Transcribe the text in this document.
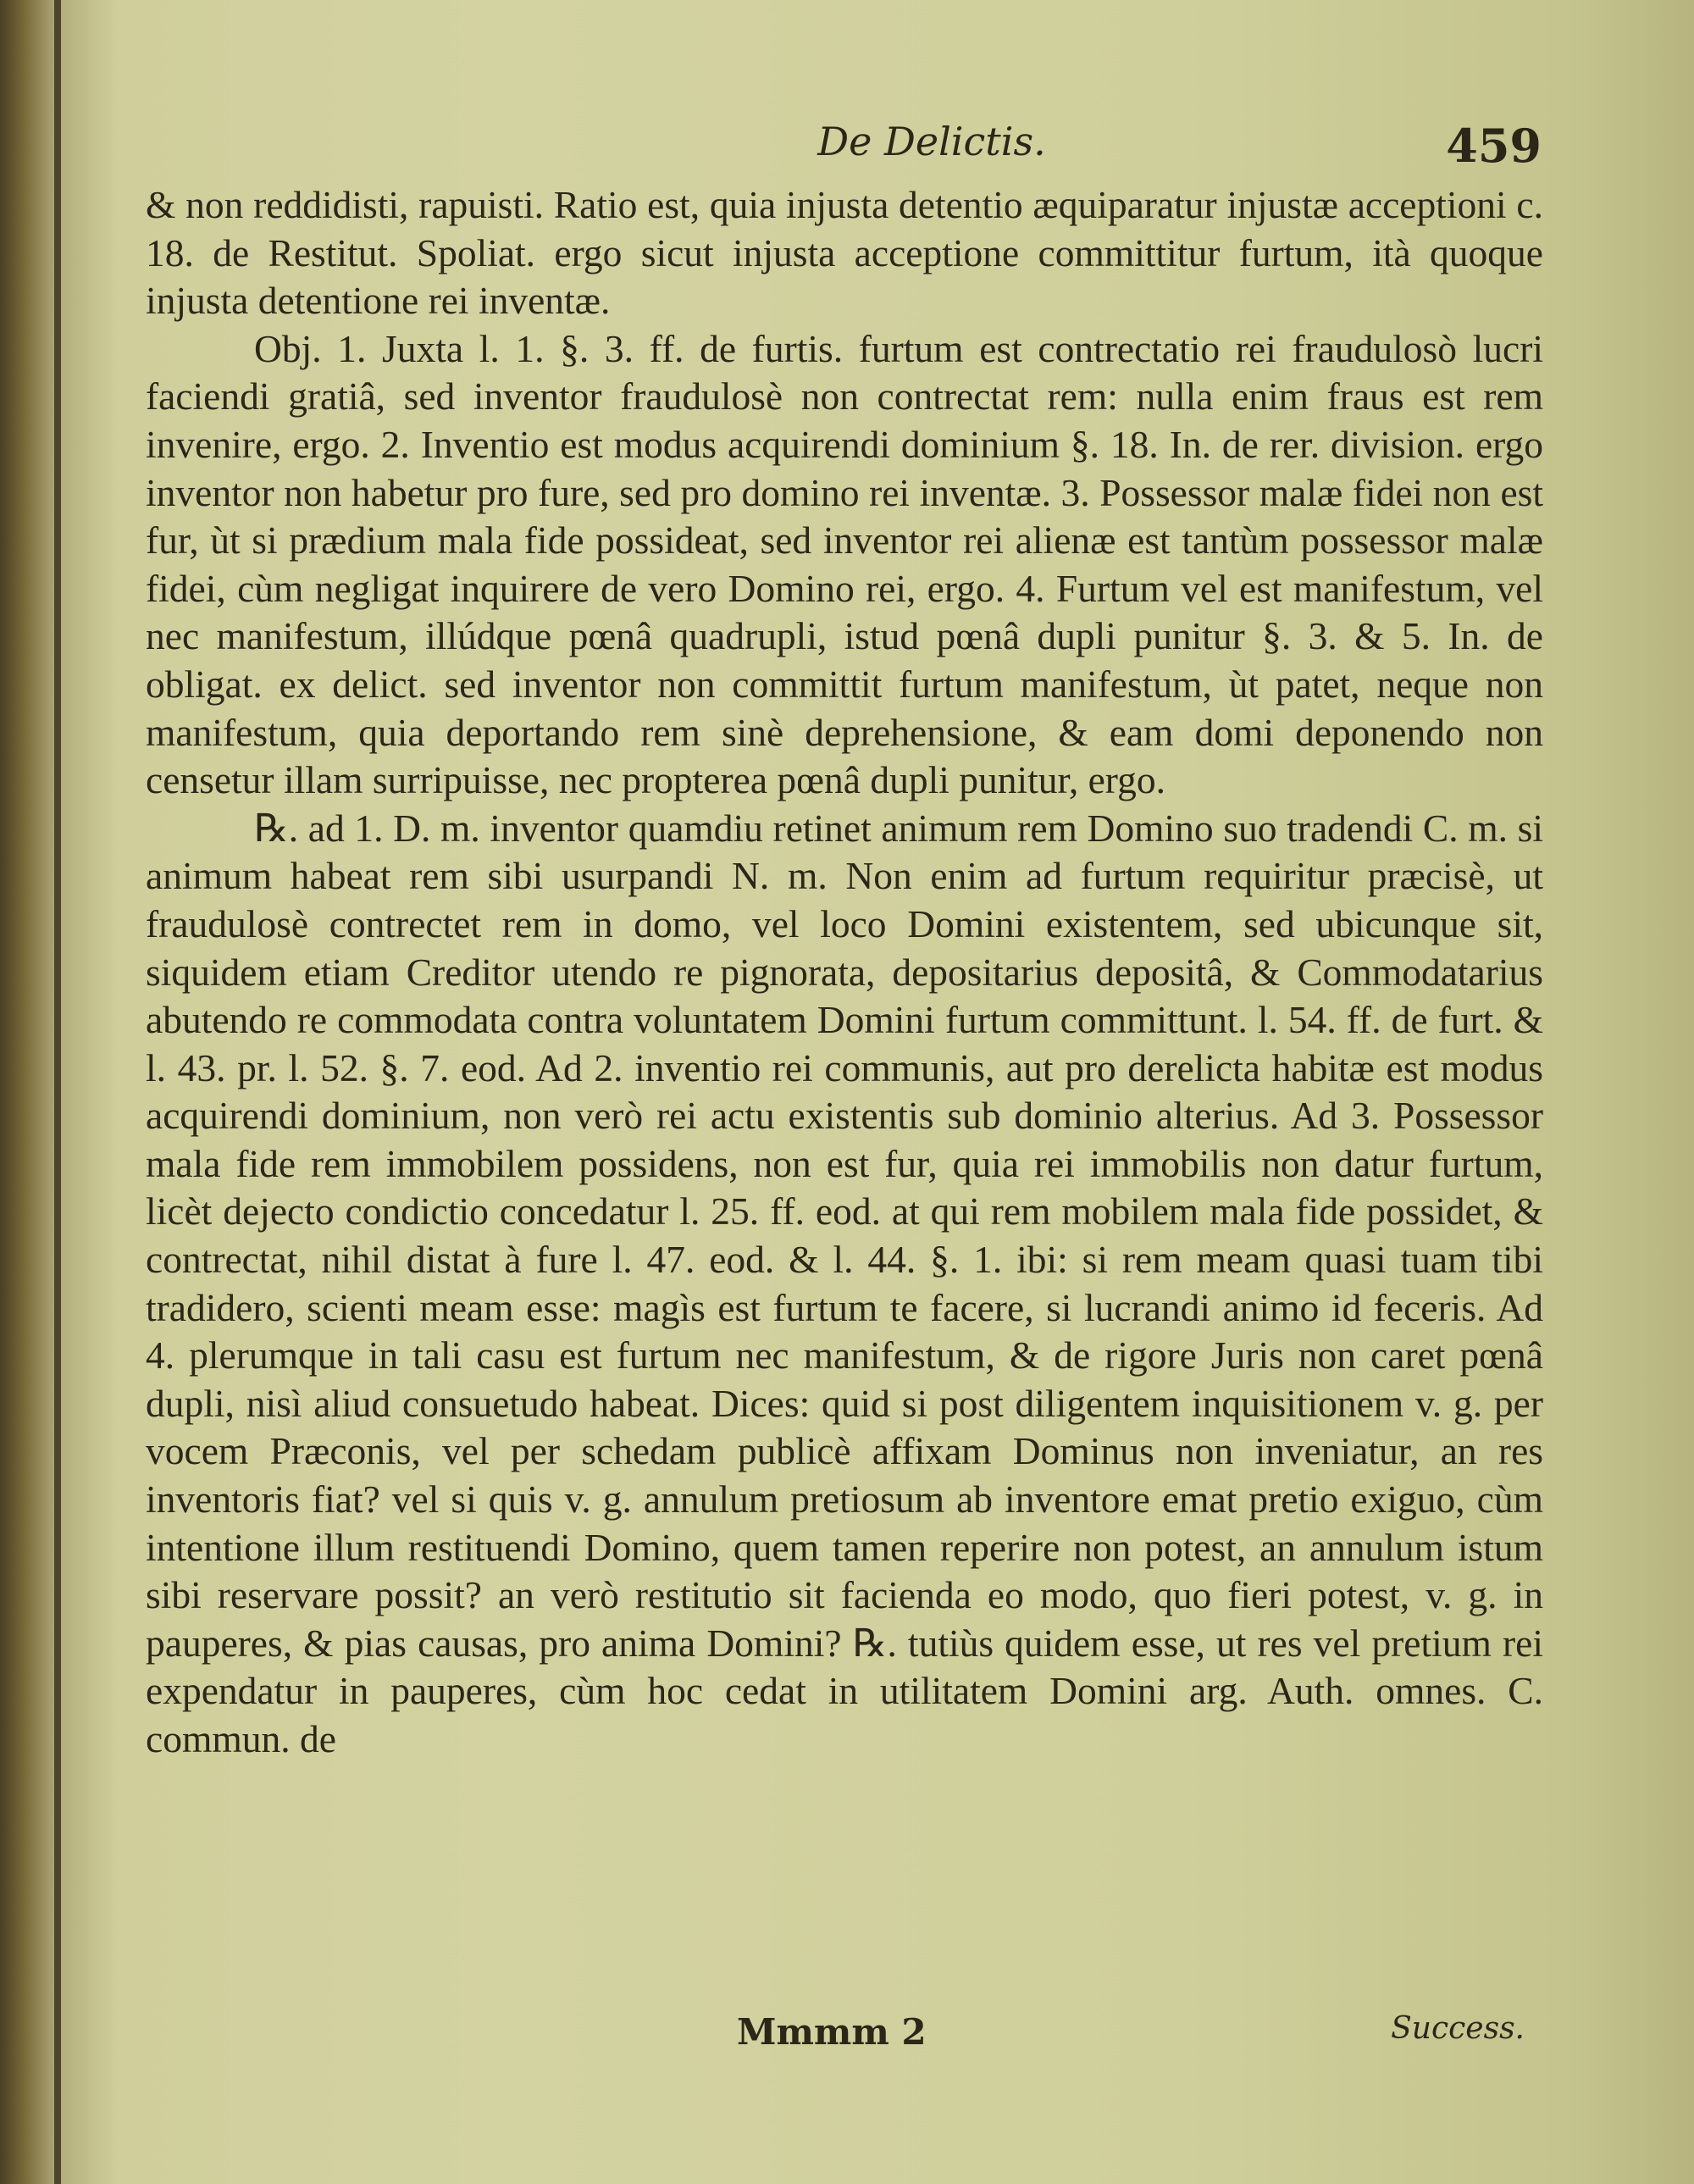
De Delictis.	459

& non reddidisti, rapuisti. Ratio est, quia injusta detentio æquiparatur injustæ acceptioni c. 18. de Restitut. Spoliat. ergo sicut injusta acceptione committitur furtum, ità quoque injusta detentione rei inventæ.

Obj. 1. Juxta l. 1. §. 3. ff. de furtis. furtum est contrectatio rei fraudulosò lucri faciendi gratiâ, sed inventor fraudulosè non contrectat rem: nulla enim fraus est rem invenire, ergo. 2. Inventio est modus acquirendi dominium §. 18. In. de rer. division. ergo inventor non habetur pro fure, sed pro domino rei inventæ. 3. Possessor malæ fidei non est fur, ùt si prædium mala fide possideat, sed inventor rei alienæ est tantùm possessor malæ fidei, cùm negligat inquirere de vero Domino rei, ergo. 4. Furtum vel est manifestum, vel nec manifestum, illúdque pœnâ quadrupli, istud pœnâ dupli punitur §. 3. & 5. In. de obligat. ex delict. sed inventor non committit furtum manifestum, ùt patet, neque non manifestum, quia deportando rem sinè deprehensione, & eam domi deponendo non censetur illam surripuisse, nec propterea pœnâ dupli punitur, ergo.

℞. ad 1. D. m. inventor quamdiu retinet animum rem Domino suo tradendi C. m. si animum habeat rem sibi usurpandi N. m. Non enim ad furtum requiritur præcisè, ut fraudulosè contrectet rem in domo, vel loco Domini existentem, sed ubicunque sit, siquidem etiam Creditor utendo re pignorata, depositarius depositâ, & Commodatarius abutendo re commodata contra voluntatem Domini furtum committunt. l. 54. ff. de furt. & l. 43. pr. l. 52. §. 7. eod. Ad 2. inventio rei communis, aut pro derelicta habitæ est modus acquirendi dominium, non verò rei actu existentis sub dominio alterius. Ad 3. Possessor mala fide rem immobilem possidens, non est fur, quia rei immobilis non datur furtum, licèt dejecto condictio concedatur l. 25. ff. eod. at qui rem mobilem mala fide possidet, & contrectat, nihil distat à fure l. 47. eod. & l. 44. §. 1. ibi: si rem meam quasi tuam tibi tradidero, scienti meam esse: magìs est furtum te facere, si lucrandi animo id feceris. Ad 4. plerumque in tali casu est furtum nec manifestum, & de rigore Juris non caret pœnâ dupli, nisì aliud consuetudo habeat. Dices: quid si post diligentem inquisitionem v. g. per vocem Præconis, vel per schedam publicè affixam Dominus non inveniatur, an res inventoris fiat? vel si quis v. g. annulum pretiosum ab inventore emat pretio exiguo, cùm intentione illum restituendi Domino, quem tamen reperire non potest, an annulum istum sibi reservare possit? an verò restitutio sit facienda eo modo, quo fieri potest, v. g. in pauperes, & pias causas, pro anima Domini? ℞. tutiùs quidem esse, ut res vel pretium rei expendatur in pauperes, cùm hoc cedat in utilitatem Domini arg. Auth. omnes. C. commun. de

Mmmm 2	Success.
